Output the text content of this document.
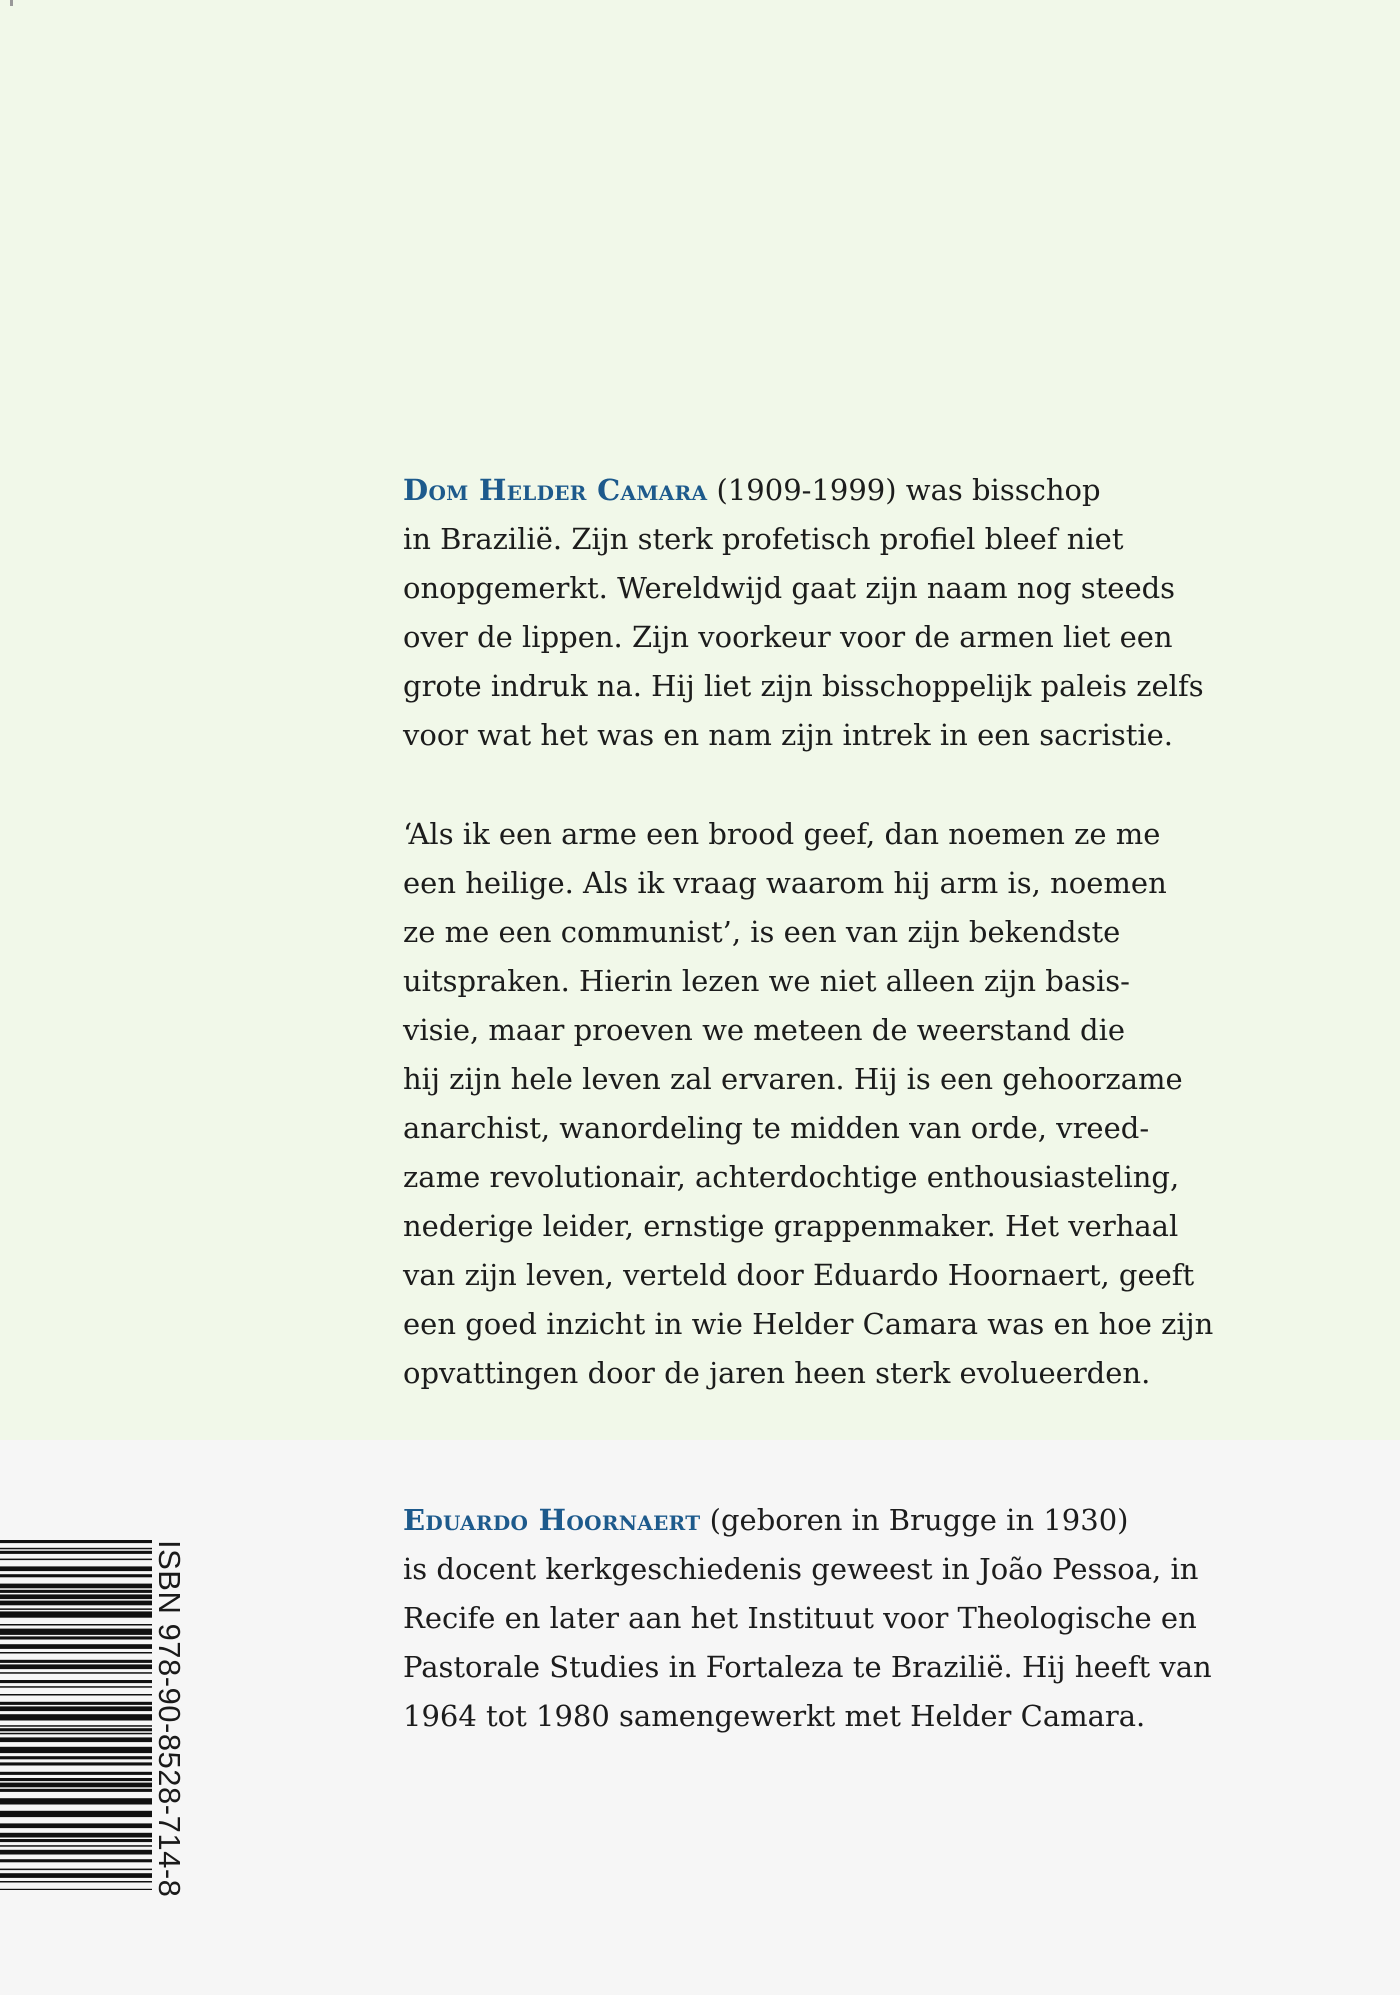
Dom Helder Camara (1909-1999) was bisschop
in Brazilië. Zijn sterk profetisch profiel bleef niet
onopgemerkt. Wereldwijd gaat zijn naam nog steeds
over de lippen. Zijn voorkeur voor de armen liet een
grote indruk na. Hij liet zijn bisschoppelijk paleis zelfs
voor wat het was en nam zijn intrek in een sacristie.

‘Als ik een arme een brood geef, dan noemen ze me
een heilige. Als ik vraag waarom hij arm is, noemen
ze me een communist’, is een van zijn bekendste
uitspraken. Hierin lezen we niet alleen zijn basis-
visie, maar proeven we meteen de weerstand die
hij zijn hele leven zal ervaren. Hij is een gehoorzame
anarchist, wanordeling te midden van orde, vreed-
zame revolutionair, achterdochtige enthousiasteling,
nederige leider, ernstige grappenmaker. Het verhaal
van zijn leven, verteld door Eduardo Hoornaert, geeft
een goed inzicht in wie Helder Camara was en hoe zijn
opvattingen door de jaren heen sterk evolueerden.

Eduardo Hoornaert (geboren in Brugge in 1930)
is docent kerkgeschiedenis geweest in João Pessoa, in
Recife en later aan het Instituut voor Theologische en
Pastorale Studies in Fortaleza te Brazilië. Hij heeft van
1964 tot 1980 samengewerkt met Helder Camara.

ISBN 978-90-8528-714-8
